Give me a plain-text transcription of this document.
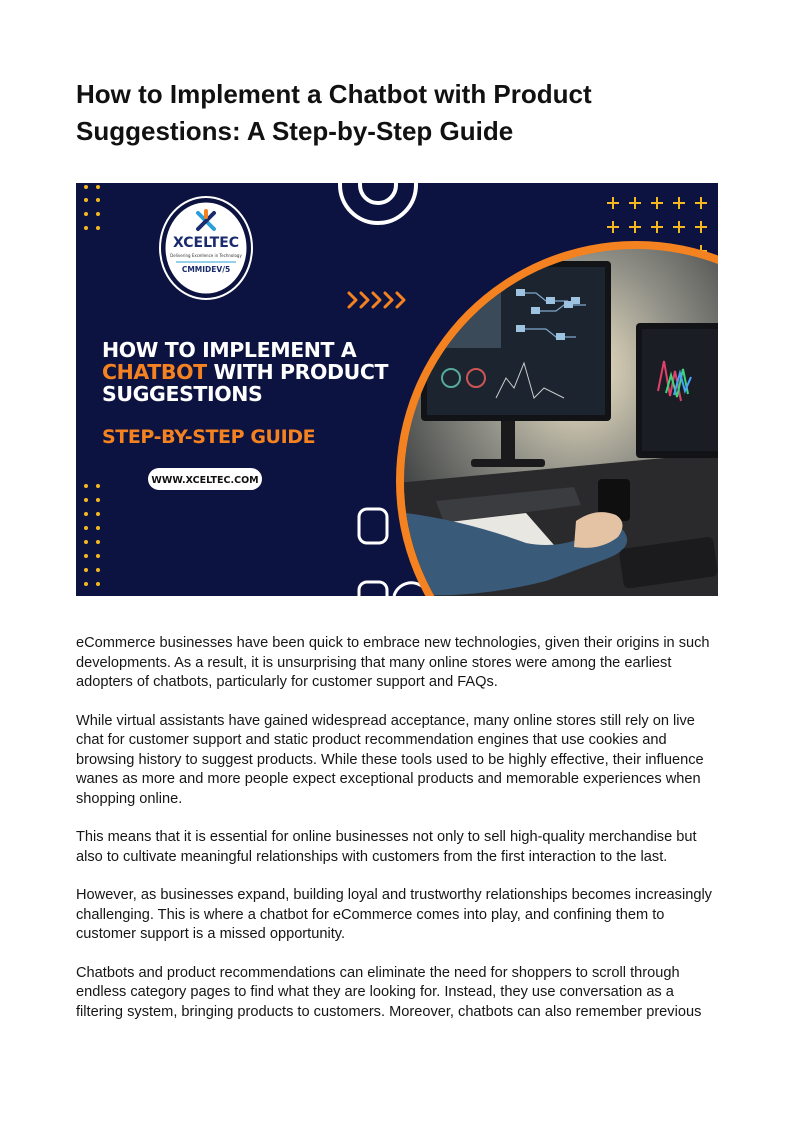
How to Implement a Chatbot with Product Suggestions: A Step-by-Step Guide
XCELTEC
Delivering Excellence in Technology
CMMIDEV/5
HOW TO IMPLEMENT A
CHATBOT WITH PRODUCT
SUGGESTIONS
STEP-BY-STEP GUIDE
WWW.XCELTEC.COM

eCommerce businesses have been quick to embrace new technologies, given their origins in such developments. As a result, it is unsurprising that many online stores were among the earliest adopters of chatbots, particularly for customer support and FAQs.

While virtual assistants have gained widespread acceptance, many online stores still rely on live chat for customer support and static product recommendation engines that use cookies and browsing history to suggest products. While these tools used to be highly effective, their influence wanes as more and more people expect exceptional products and memorable experiences when shopping online.

This means that it is essential for online businesses not only to sell high-quality merchandise but also to cultivate meaningful relationships with customers from the first interaction to the last.

However, as businesses expand, building loyal and trustworthy relationships becomes increasingly challenging. This is where a chatbot for eCommerce comes into play, and confining them to customer support is a missed opportunity.

Chatbots and product recommendations can eliminate the need for shoppers to scroll through endless category pages to find what they are looking for. Instead, they use conversation as a filtering system, bringing products to customers. Moreover, chatbots can also remember previous
